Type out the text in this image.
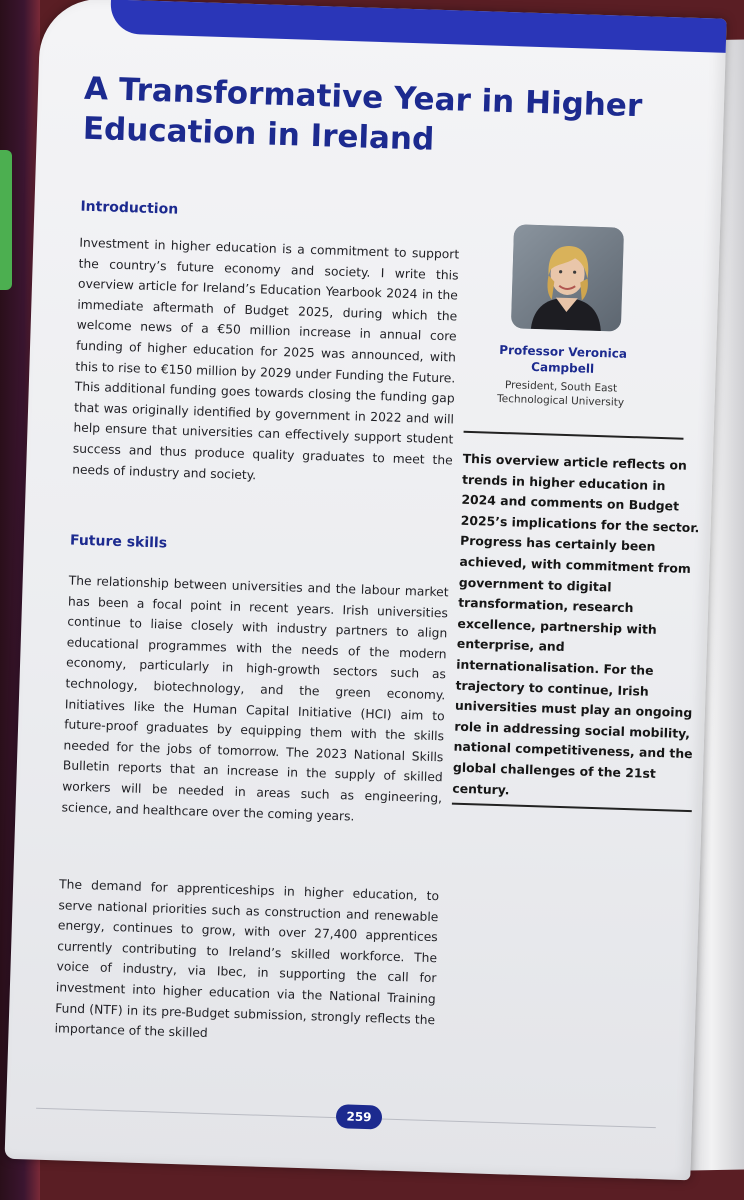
A Transformative Year in Higher Education in Ireland
Introduction

Investment in higher education is a commitment to support the country’s future economy and society. I write this overview article for Ireland’s Education Yearbook 2024 in the immediate aftermath of Budget 2025, during which the welcome news of a €50 million increase in annual core funding of higher education for 2025 was announced, with this to rise to €150 million by 2029 under Funding the Future. This additional funding goes towards closing the funding gap that was originally identified by government in 2022 and will help ensure that universities can effectively support student success and thus produce quality graduates to meet the needs of industry and society.

Professor Veronica Campbell

President, South East Technological University

This overview article reflects on trends in higher education in 2024 and comments on Budget 2025’s implications for the sector. Progress has certainly been achieved, with commitment from government to digital transformation, research excellence, partnership with enterprise, and internationalisation. For the trajectory to continue, Irish universities must play an ongoing role in addressing social mobility, national competitiveness, and the global challenges of the 21st century.

Future skills

The relationship between universities and the labour market has been a focal point in recent years. Irish universities continue to liaise closely with industry partners to align educational programmes with the needs of the modern economy, particularly in high-growth sectors such as technology, biotechnology, and the green economy. Initiatives like the Human Capital Initiative (HCI) aim to future-proof graduates by equipping them with the skills needed for the jobs of tomorrow. The 2023 National Skills Bulletin reports that an increase in the supply of skilled workers will be needed in areas such as engineering, science, and healthcare over the coming years.

The demand for apprenticeships in higher education, to serve national priorities such as construction and renewable energy, continues to grow, with over 27,400 apprentices currently contributing to Ireland’s skilled workforce. The voice of industry, via Ibec, in supporting the call for investment into higher education via the National Training Fund (NTF) in its pre-Budget submission, strongly reflects the importance of the skilled

259
